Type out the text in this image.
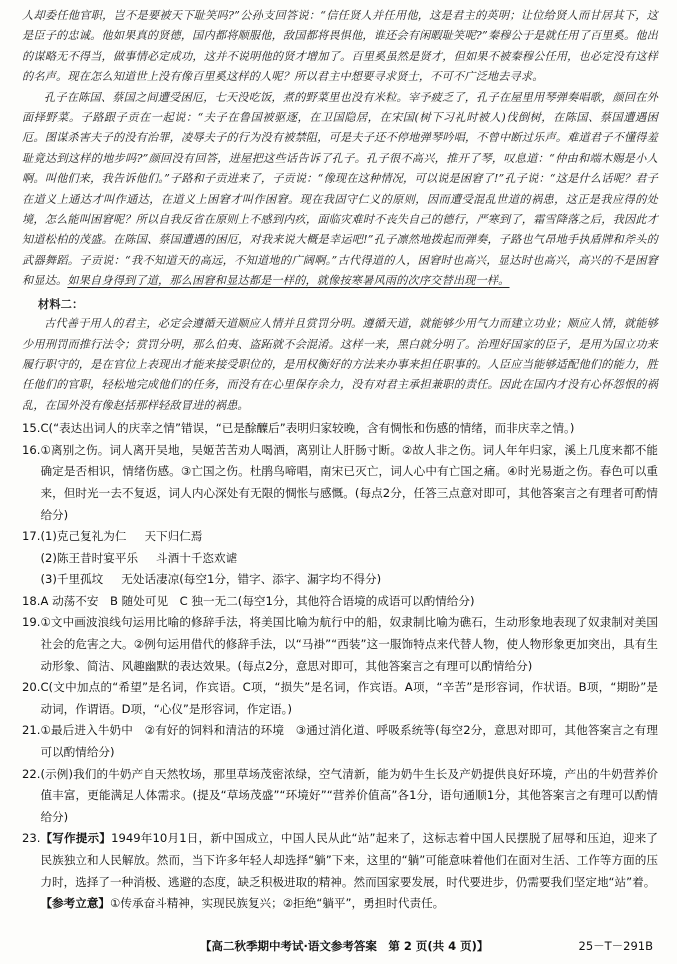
人却委任他官职，岂不是要被天下耻笑吗?”公孙支回答说：“信任贤人并任用他，这是君主的英明；让位给贤人而甘居其下，这是臣子的忠诚。他如果真的贤德，国内都将顺服他，敌国都将畏惧他，谁还会有闲暇耻笑呢?”秦穆公于是就任用了百里奚。他出的谋略无不得当，做事情必定成功，这并不说明他的贤才增加了。百里奚虽然是贤才，但如果不被秦穆公任用，也必定没有这样的名声。现在怎么知道世上没有像百里奚这样的人呢？所以君主中想要寻求贤士，不可不广泛地去寻求。

孔子在陈国、蔡国之间遭受困厄，七天没吃饭，煮的野菜里也没有米粒。宰予疲乏了，孔子在屋里用琴弹奏唱歌，颜回在外面择野菜。子路跟子贡在一起说：“夫子在鲁国被驱逐，在卫国隐居，在宋国(树下习礼时被人)伐倒树，在陈国、蔡国遭遇困厄。图谋杀害夫子的没有治罪，凌辱夫子的行为没有被禁阻，可是夫子还不停地弹琴吟唱，不曾中断过乐声。难道君子不懂得羞耻竟达到这样的地步吗?”颜回没有回答，进屋把这些话告诉了孔子。孔子很不高兴，推开了琴，叹息道：“仲由和端木赐是小人啊。叫他们来，我告诉他们。”子路和子贡进来了，子贡说：“像现在这种情况，可以说是困窘了!”孔子说：“这是什么话呢？君子在道义上通达才叫作通达，在道义上困窘才叫作困窘。现在我固守仁义的原则，因而遭受混乱世道的祸患，这正是我应得的处境，怎么能叫困窘呢？所以自我反省在原则上不感到内疚，面临灾难时不丧失自己的德行，严寒到了，霜雪降落之后，我因此才知道松柏的茂盛。在陈国、蔡国遭遇的困厄，对我来说大概是幸运吧!”孔子凛然地拨起而弹奏，子路也气昂地手执盾牌和斧头的武器舞蹈。子贡说：“我不知道天的高远，不知道地的广阔啊。”古代得道的人，困窘时也高兴，显达时也高兴，高兴的不是困窘和显达。如果自身得到了道，那么困窘和显达都是一样的，就像按寒暑风雨的次序交替出现一样。

材料二：

古代善于用人的君主，必定会遵循天道顺应人情并且赏罚分明。遵循天道，就能够少用气力而建立功业；顺应人情，就能够少用刑罚而推行法令；赏罚分明，那么伯夷、盗跖就不会混淆。这样一来，黑白就分明了。治理好国家的臣子，是用为国立功来履行职守的，是在官位上表现出才能来接受职位的，是用权衡好的方法来办事来担任职事的。人臣应当能够适配他们的能力，胜任他们的官职，轻松地完成他们的任务，而没有在心里保存余力，没有对君主承担兼职的责任。因此在国内才没有心怀怨恨的祸乱，在国外没有像赵括那样轻敌冒进的祸患。

15. C(“表达出词人的庆幸之情”错误，“已是酴醾后”表明归家较晚，含有惆怅和伤感的情绪，而非庆幸之情。)
16. ①离别之伤。词人离开吴地，吴姬苦苦劝人喝酒，离别让人肝肠寸断。②故人非之伤。词人年年归家，溪上几度来都不能确定是否相识，情绪伤感。③亡国之伤。杜鹃鸟啼唱，南宋已灭亡，词人心中有亡国之痛。④时光易逝之伤。春色可以重来，但时光一去不复返，词人内心深处有无限的惆怅与感慨。(每点2分，任答三点意对即可，其他答案言之有理者可酌情给分)
17. (1)克己复礼为仁 天下归仁焉
(2)陈王昔时宴平乐 斗酒十千恣欢谑
(3)千里孤坟 无处话凄凉(每空1分，错字、添字、漏字均不得分)
18. A 动荡不安　B 随处可见　C 独一无二(每空1分，其他符合语境的成语可以酌情给分)
19. ①文中画波浪线句运用比喻的修辞手法，将美国比喻为航行中的船，奴隶制比喻为礁石，生动形象地表现了奴隶制对美国社会的危害之大。②例句运用借代的修辞手法，以“马褂”“西装”这一服饰特点来代替人物，使人物形象更加突出，具有生动形象、简洁、风趣幽默的表达效果。(每点2分，意思对即可，其他答案言之有理可以酌情给分)
20. C(文中加点的“希望”是名词，作宾语。C项，“损失”是名词，作宾语。A项，“辛苦”是形容词，作状语。B项，“期盼”是动词，作谓语。D项，“心仪”是形容词，作定语。)
21. ①最后进入牛奶中　②有好的饲料和清洁的环境　③通过消化道、呼吸系统等(每空2分，意思对即可，其他答案言之有理可以酌情给分)
22. (示例)我们的牛奶产自天然牧场，那里草场茂密浓绿，空气清新，能为奶牛生长及产奶提供良好环境，产出的牛奶营养价值丰富，更能满足人体需求。(提及“草场茂盛”“环境好”“营养价值高”各1分，语句通顺1分，其他答案言之有理可以酌情给分)
23. 【写作提示】1949年10月1日，新中国成立，中国人民从此“站”起来了，这标志着中国人民摆脱了屈辱和压迫，迎来了民族独立和人民解放。然而，当下许多年轻人却选择“躺”下来，这里的“躺”可能意味着他们在面对生活、工作等方面的压力时，选择了一种消极、逃避的态度，缺乏积极进取的精神。然而国家要发展，时代要进步，仍需要我们坚定地“站”着。
【参考立意】①传承奋斗精神，实现民族复兴；②拒绝“躺平”，勇担时代责任。
【高二秋季期中考试·语文参考答案　第 2 页(共 4 页)】	25－T－291B
